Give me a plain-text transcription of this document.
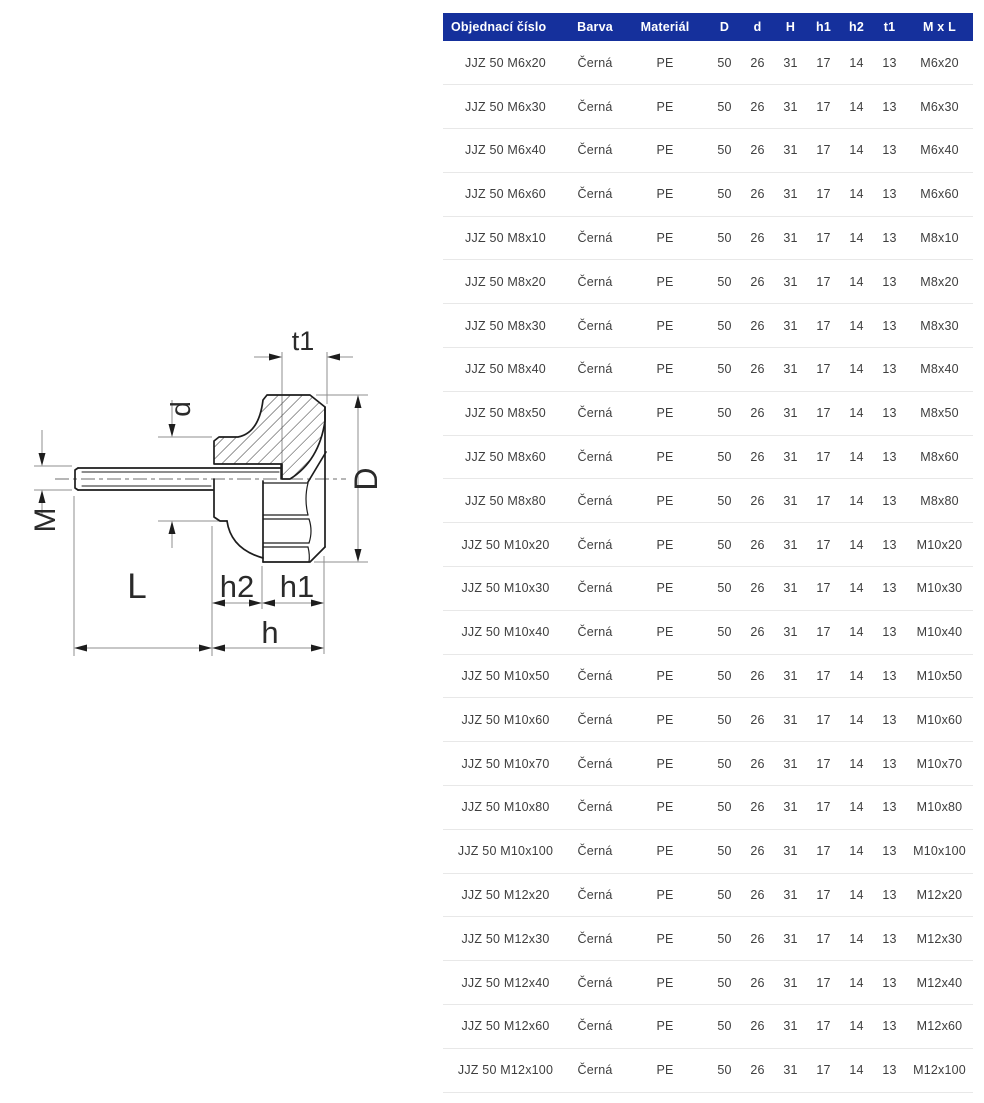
t1
d
D
M
L h2 h1
h
Objednací číslo	Barva	Materiál	D	d	H	h1	h2	t1	M x L
JJZ 50 M6x20	Černá	PE	50	26	31	17	14	13	M6x20
JJZ 50 M6x30	Černá	PE	50	26	31	17	14	13	M6x30
JJZ 50 M6x40	Černá	PE	50	26	31	17	14	13	M6x40
JJZ 50 M6x60	Černá	PE	50	26	31	17	14	13	M6x60
JJZ 50 M8x10	Černá	PE	50	26	31	17	14	13	M8x10
JJZ 50 M8x20	Černá	PE	50	26	31	17	14	13	M8x20
JJZ 50 M8x30	Černá	PE	50	26	31	17	14	13	M8x30
JJZ 50 M8x40	Černá	PE	50	26	31	17	14	13	M8x40
JJZ 50 M8x50	Černá	PE	50	26	31	17	14	13	M8x50
JJZ 50 M8x60	Černá	PE	50	26	31	17	14	13	M8x60
JJZ 50 M8x80	Černá	PE	50	26	31	17	14	13	M8x80
JJZ 50 M10x20	Černá	PE	50	26	31	17	14	13	M10x20
JJZ 50 M10x30	Černá	PE	50	26	31	17	14	13	M10x30
JJZ 50 M10x40	Černá	PE	50	26	31	17	14	13	M10x40
JJZ 50 M10x50	Černá	PE	50	26	31	17	14	13	M10x50
JJZ 50 M10x60	Černá	PE	50	26	31	17	14	13	M10x60
JJZ 50 M10x70	Černá	PE	50	26	31	17	14	13	M10x70
JJZ 50 M10x80	Černá	PE	50	26	31	17	14	13	M10x80
JJZ 50 M10x100	Černá	PE	50	26	31	17	14	13	M10x100
JJZ 50 M12x20	Černá	PE	50	26	31	17	14	13	M12x20
JJZ 50 M12x30	Černá	PE	50	26	31	17	14	13	M12x30
JJZ 50 M12x40	Černá	PE	50	26	31	17	14	13	M12x40
JJZ 50 M12x60	Černá	PE	50	26	31	17	14	13	M12x60
JJZ 50 M12x100	Černá	PE	50	26	31	17	14	13	M12x100
